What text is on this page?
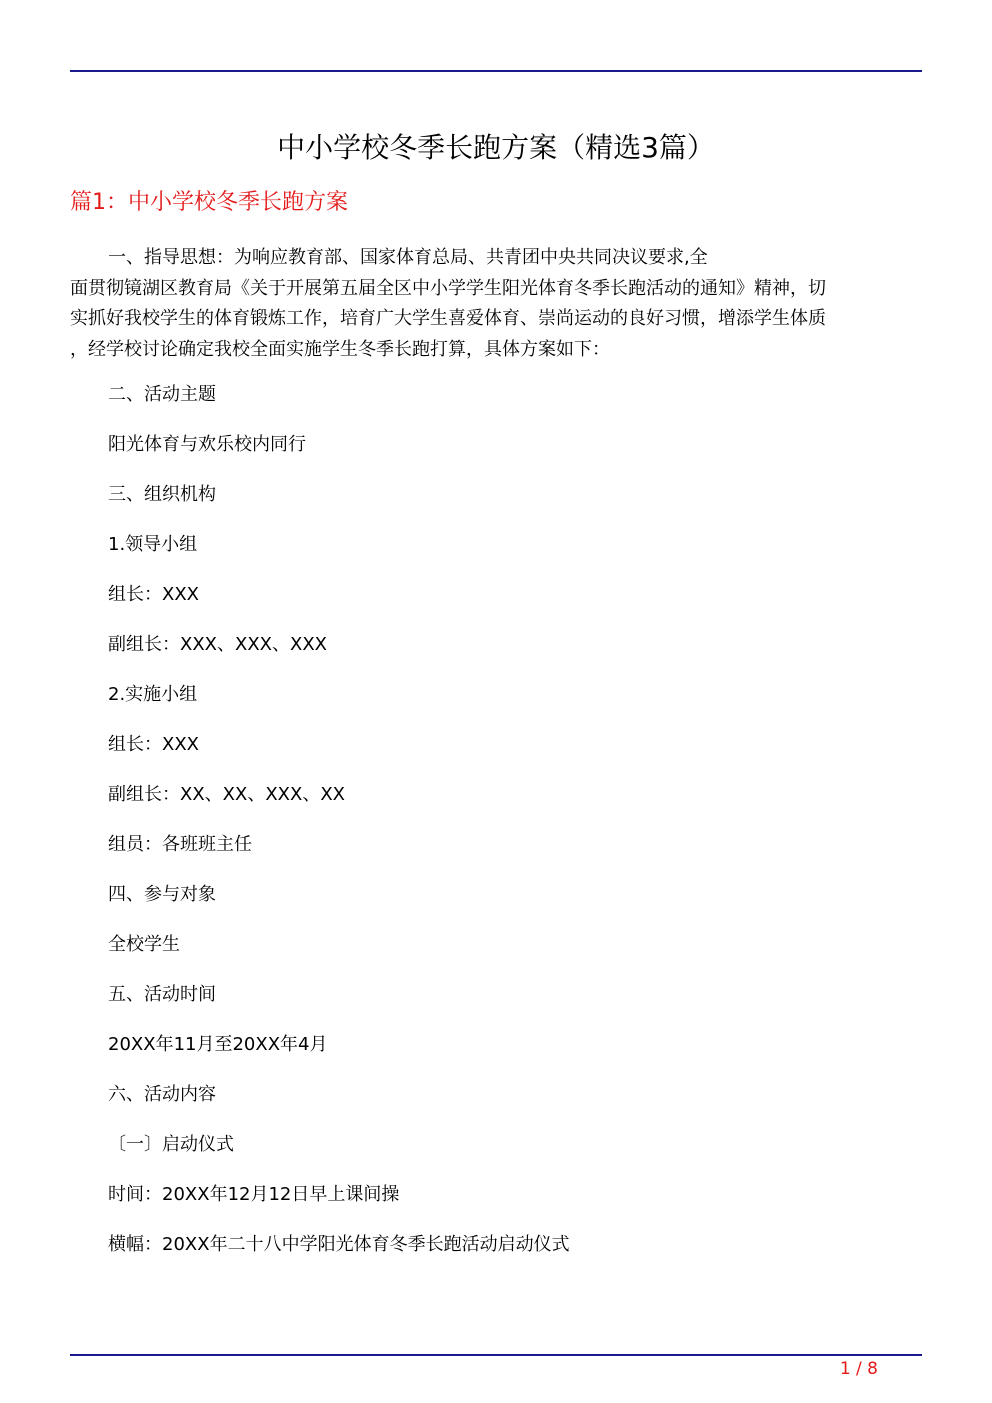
中小学校冬季长跑方案（精选3篇）
篇1：中小学校冬季长跑方案
一、指导思想：为响应教育部、国家体育总局、共青团中央共同决议要求,全
面贯彻镜湖区教育局《关于开展第五届全区中小学学生阳光体育冬季长跑活动的通知》精神，切
实抓好我校学生的体育锻炼工作，培育广大学生喜爱体育、崇尚运动的良好习惯，增添学生体质
，经学校讨论确定我校全面实施学生冬季长跑打算，具体方案如下：
二、活动主题
阳光体育与欢乐校内同行
三、组织机构
1.领导小组
组长：XXX
副组长：XXX、XXX、XXX
2.实施小组
组长：XXX
副组长：XX、XX、XXX、XX
组员：各班班主任
四、参与对象
全校学生
五、活动时间
20XX年11月至20XX年4月
六、活动内容
〔一〕启动仪式
时间：20XX年12月12日早上课间操
横幅：20XX年二十八中学阳光体育冬季长跑活动启动仪式
1 / 8
